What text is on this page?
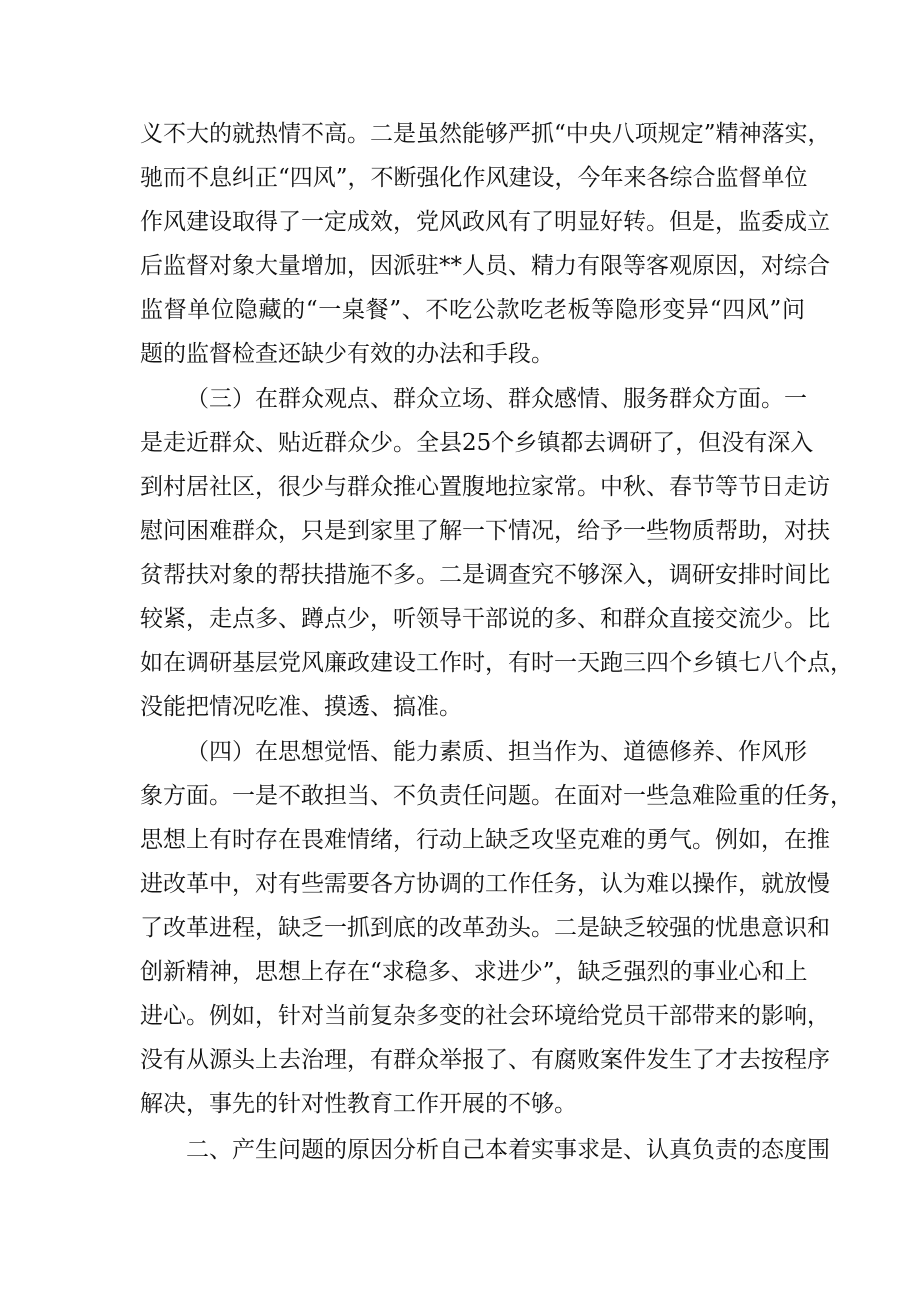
义不大的就热情不高。二是虽然能够严抓“中央八项规定”精神落实，
驰而不息纠正“四风”，不断强化作风建设，今年来各综合监督单位
作风建设取得了一定成效，党风政风有了明显好转。但是，监委成立
后监督对象大量增加，因派驻**人员、精力有限等客观原因，对综合
监督单位隐藏的“一桌餐”、不吃公款吃老板等隐形变异“四风”问
题的监督检查还缺少有效的办法和手段。
（三）在群众观点、群众立场、群众感情、服务群众方面。一
是走近群众、贴近群众少。全县25个乡镇都去调研了，但没有深入
到村居社区，很少与群众推心置腹地拉家常。中秋、春节等节日走访
慰问困难群众，只是到家里了解一下情况，给予一些物质帮助，对扶
贫帮扶对象的帮扶措施不多。二是调查究不够深入，调研安排时间比
较紧，走点多、蹲点少，听领导干部说的多、和群众直接交流少。比
如在调研基层党风廉政建设工作时，有时一天跑三四个乡镇七八个点，
没能把情况吃准、摸透、搞准。
（四）在思想觉悟、能力素质、担当作为、道德修养、作风形
象方面。一是不敢担当、不负责任问题。在面对一些急难险重的任务，
思想上有时存在畏难情绪，行动上缺乏攻坚克难的勇气。例如，在推
进改革中，对有些需要各方协调的工作任务，认为难以操作，就放慢
了改革进程，缺乏一抓到底的改革劲头。二是缺乏较强的忧患意识和
创新精神，思想上存在“求稳多、求进少”，缺乏强烈的事业心和上
进心。例如，针对当前复杂多变的社会环境给党员干部带来的影响，
没有从源头上去治理，有群众举报了、有腐败案件发生了才去按程序
解决，事先的针对性教育工作开展的不够。
二、产生问题的原因分析自己本着实事求是、认真负责的态度围
